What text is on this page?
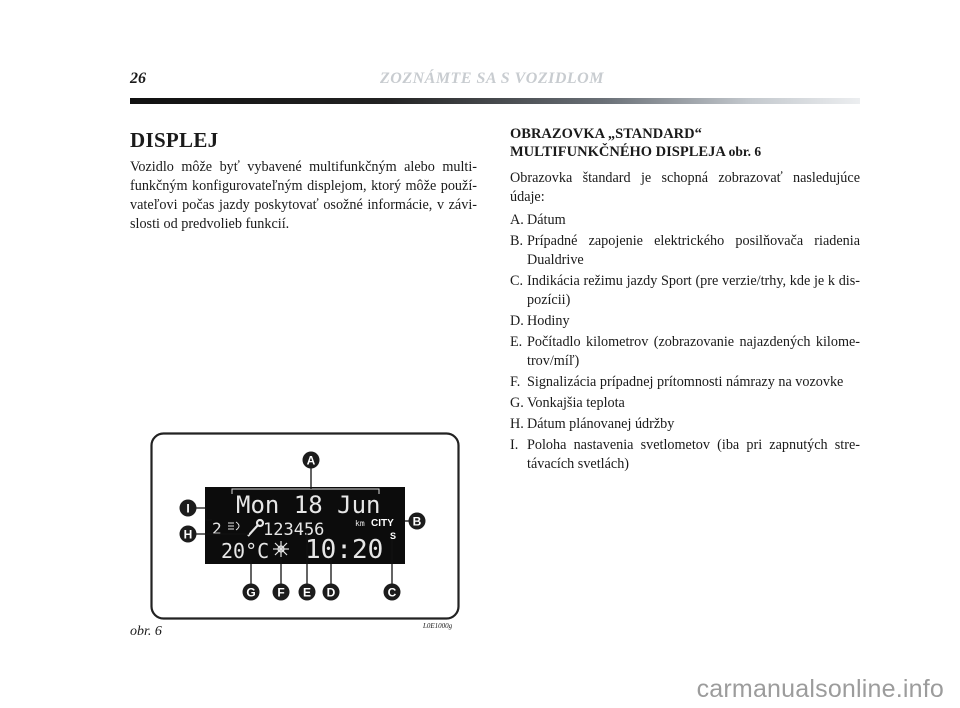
26	ZOZNÁMTE SA S VOZIDLOM
DISPLEJ

Vozidlo môže byť vybavené multifunkčným alebo multi-funkčným konfigurovateľným displejom, ktorý môže použí-vateľovi počas jazdy poskytovať osožné informácie, v závi-slosti od predvolieb funkcií.

OBRAZOVKA „STANDARD“
MULTIFUNKČNÉHO DISPLEJA obr. 6

Obrazovka štandard je schopná zobrazovať nasledujúce údaje:

A. Dátum
B. Prípadné zapojenie elektrického posilňovača riadenia Dualdrive
C. Indikácia režimu jazdy Sport (pre verzie/trhy, kde je k dis-pozícii)
D. Hodiny
E. Počítadlo kilometrov (zobrazovanie najazdených kilome-trov/míľ)
F. Signalizácia prípadnej prítomnosti námrazy na vozovke
G. Vonkajšia teplota
H. Dátum plánovanej údržby
I. Poloha nastavenia svetlometov (iba pri zapnutých stre-távacích svetlách)
Mon 18 Jun
2 123456	km CITY
S
20°C 10:20
A
B
C
D
E
F
G
H
I
obr. 6	L0E1000g
carmanualsonline.info
